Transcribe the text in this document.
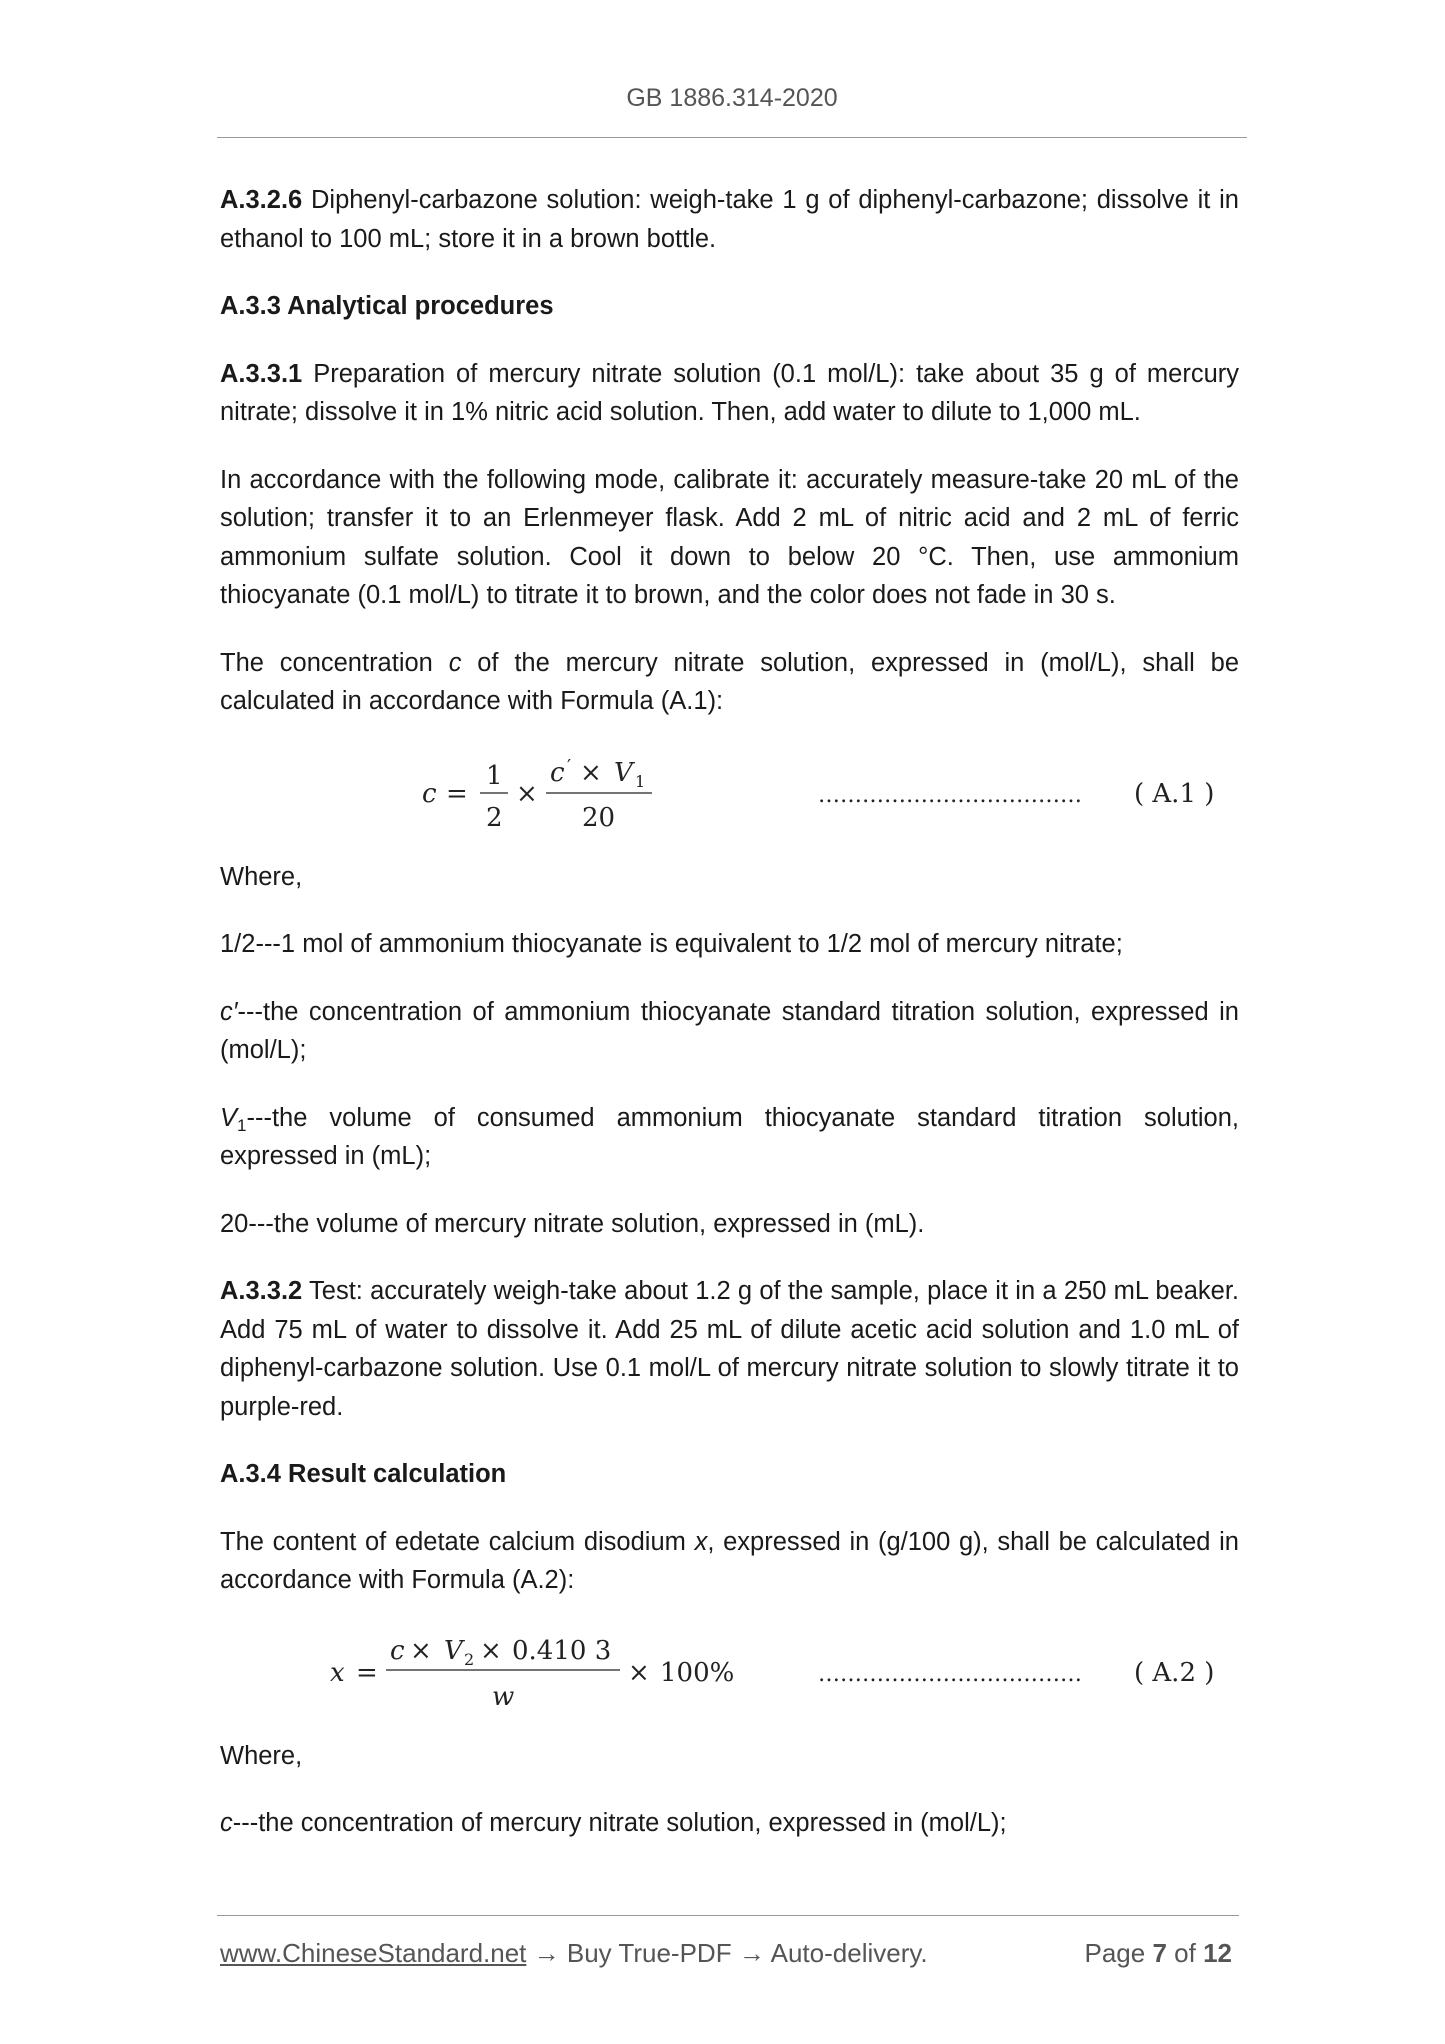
GB 1886.314-2020

A.3.2.6 Diphenyl-carbazone solution: weigh-take 1 g of diphenyl-carbazone; dissolve it in ethanol to 100 mL; store it in a brown bottle.

A.3.3 Analytical procedures

A.3.3.1 Preparation of mercury nitrate solution (0.1 mol/L): take about 35 g of mercury nitrate; dissolve it in 1% nitric acid solution. Then, add water to dilute to 1,000 mL.

In accordance with the following mode, calibrate it: accurately measure-take 20 mL of the solution; transfer it to an Erlenmeyer flask. Add 2 mL of nitric acid and 2 mL of ferric ammonium sulfate solution. Cool it down to below 20 °C. Then, use ammonium thiocyanate (0.1 mol/L) to titrate it to brown, and the color does not fade in 30 s.

The concentration c of the mercury nitrate solution, expressed in (mol/L), shall be calculated in accordance with Formula (A.1):

c =
1
2
×
c ′ × V 1
20
……………………………… ( A.1 )

Where,

1/2---1 mol of ammonium thiocyanate is equivalent to 1/2 mol of mercury nitrate;

c′---the concentration of ammonium thiocyanate standard titration solution, expressed in (mol/L);

$V_1--$-the volume of consumed ammonium thiocyanate standard titration solution, expressed in (mL);

20---the volume of mercury nitrate solution, expressed in (mL).

A.3.3.2 Test: accurately weigh-take about 1.2 g of the sample, place it in a 250 mL beaker. Add 75 mL of water to dissolve it. Add 25 mL of dilute acetic acid solution and 1.0 mL of diphenyl-carbazone solution. Use 0.1 mol/L of mercury nitrate solution to slowly titrate it to purple-red.

A.3.4 Result calculation

The content of edetate calcium disodium x, expressed in (g/100 g), shall be calculated in accordance with Formula (A.2):

x =
c × V 2 × 0.410 3
w
× 100%	……………………………… ( A.2 )

Where,

c---the concentration of mercury nitrate solution, expressed in (mol/L);

www.ChineseStandard.net → Buy True-PDF → Auto-delivery.	Page 7 of 12
